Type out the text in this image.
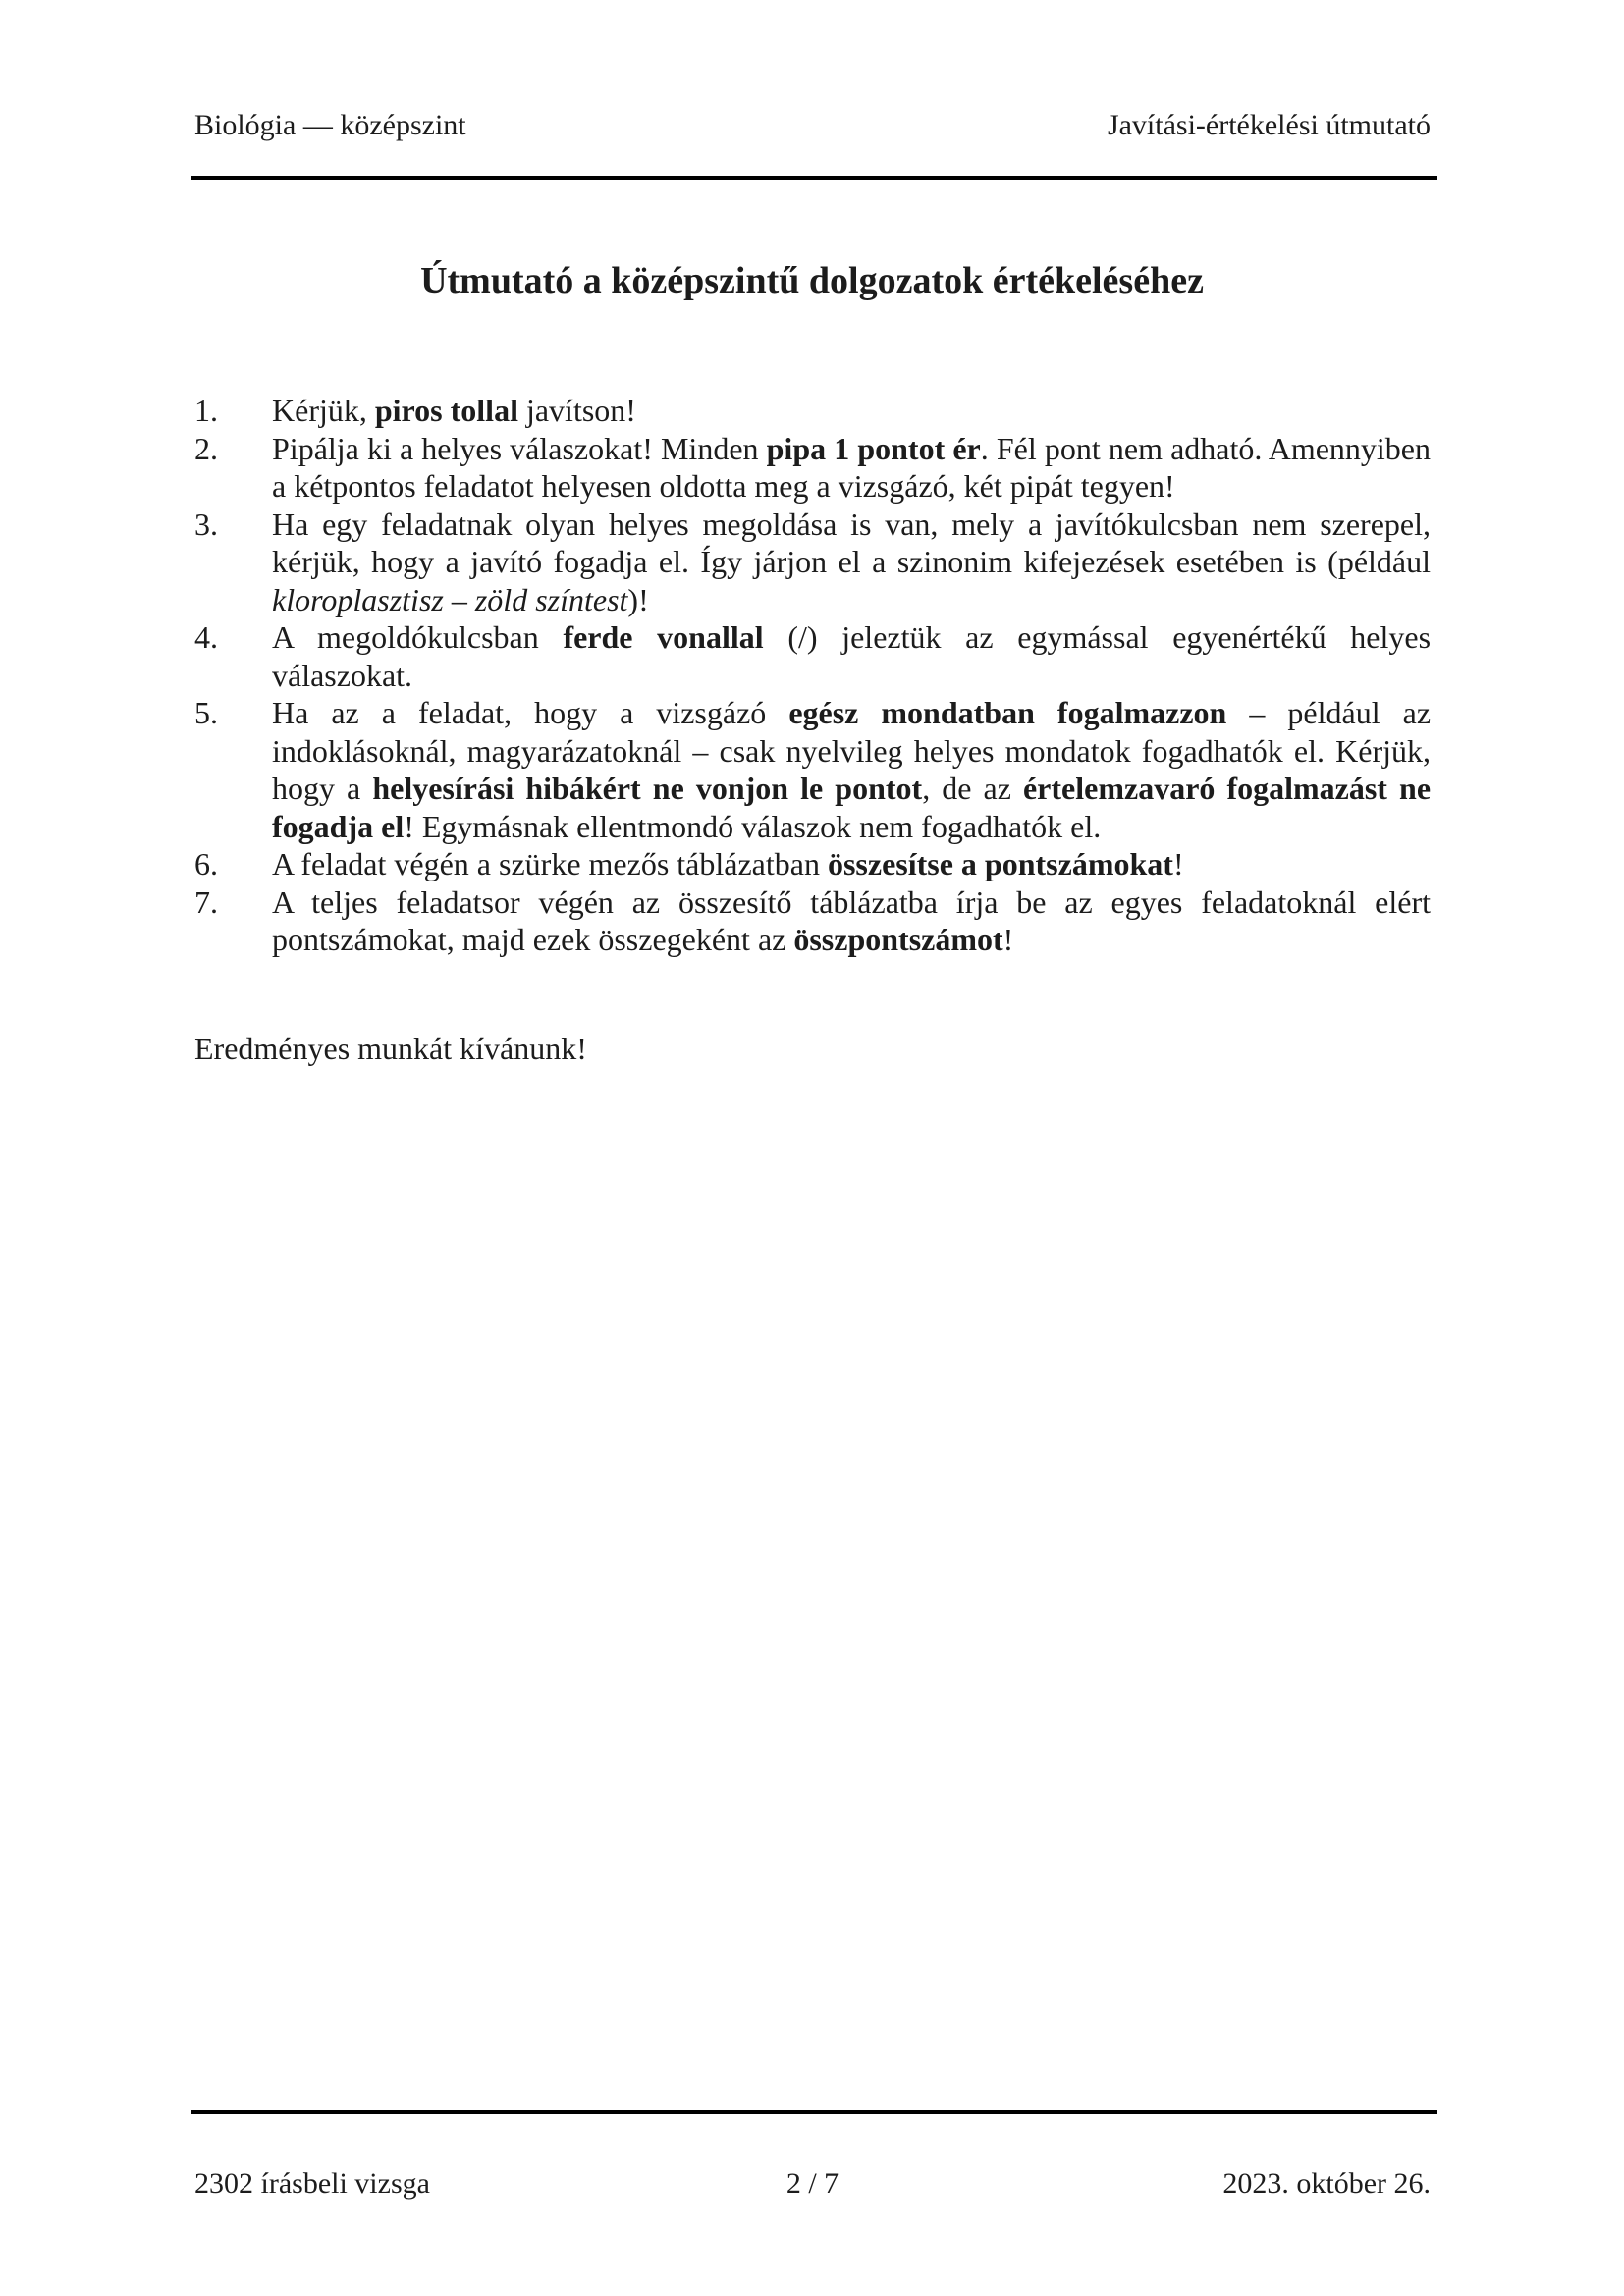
Biológia — középszint	Javítási-értékelési útmutató
Útmutató a középszintű dolgozatok értékeléséhez
1.	Kérjük, piros tollal javítson!
2.	Pipálja ki a helyes válaszokat! Minden pipa 1 pontot ér. Fél pont nem adható. Amennyiben a kétpontos feladatot helyesen oldotta meg a vizsgázó, két pipát tegyen!
3.	Ha egy feladatnak olyan helyes megoldása is van, mely a javítókulcsban nem szerepel, kérjük, hogy a javító fogadja el. Így járjon el a szinonim kifejezések esetében is (például kloroplasztisz – zöld színtest)!
4.	A megoldókulcsban ferde vonallal (/) jeleztük az egymással egyenértékű helyes válaszokat.
5.	Ha az a feladat, hogy a vizsgázó egész mondatban fogalmazzon – például az indoklásoknál, magyarázatoknál – csak nyelvileg helyes mondatok fogadhatók el. Kérjük, hogy a helyesírási hibákért ne vonjon le pontot, de az értelemzavaró fogalmazást ne fogadja el! Egymásnak ellentmondó válaszok nem fogadhatók el.
6.	A feladat végén a szürke mezős táblázatban összesítse a pontszámokat!
7.	A teljes feladatsor végén az összesítő táblázatba írja be az egyes feladatoknál elért pontszámokat, majd ezek összegeként az összpontszámot!
Eredményes munkát kívánunk!
2302 írásbeli vizsga	2 / 7	2023. október 26.
